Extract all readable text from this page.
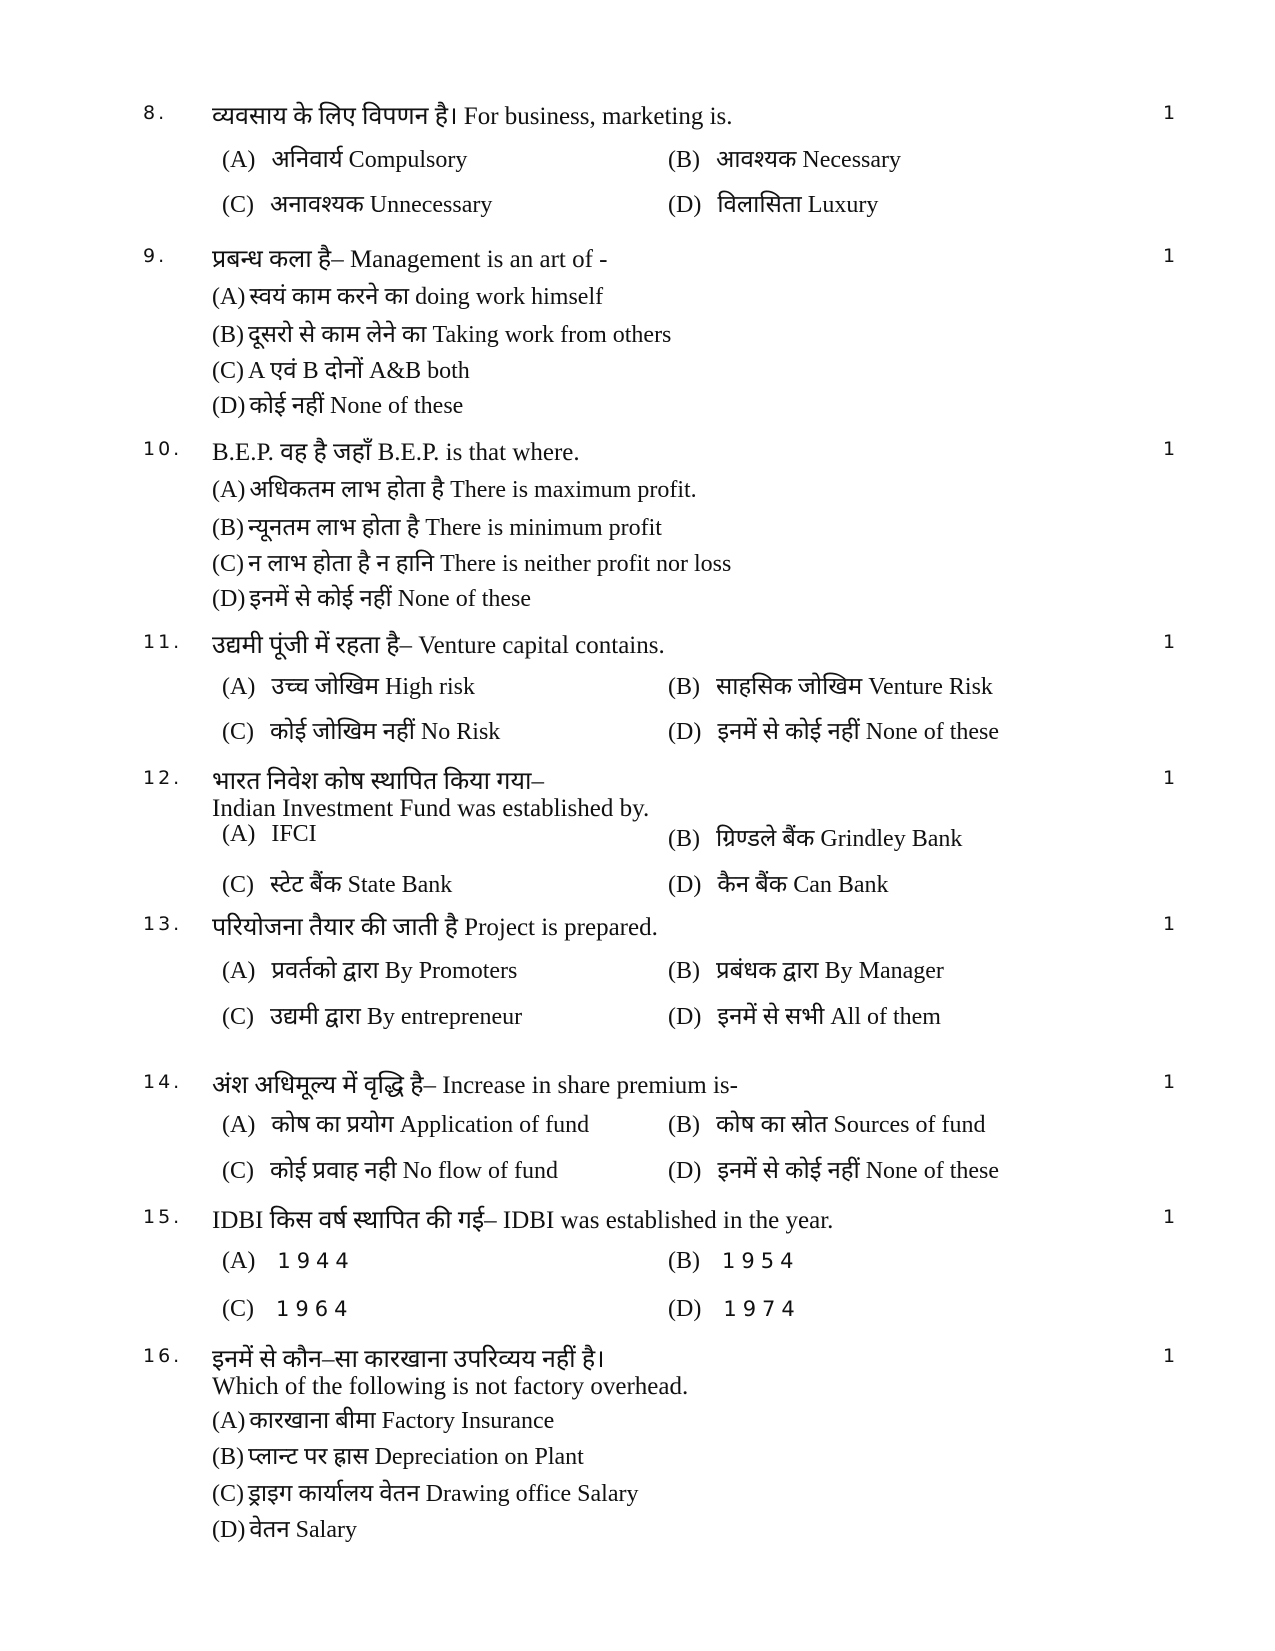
8. व्यवसाय के लिए विपणन है। For business, marketing is.	1
(A) अनिवार्य Compulsory	(B) आवश्यक Necessary
(C) अनावश्यक Unnecessary	(D) विलासिता Luxury
9. प्रबन्ध कला है– Management is an art of -	1
(A) स्वयं काम करने का doing work himself
(B) दूसरो से काम लेने का Taking work from others
(C) A एवं B दोनों A&B both
(D) कोई नहीं None of these
10. B.E.P. वह है जहाँ B.E.P. is that where.	1
(A) अधिकतम लाभ होता है There is maximum profit.
(B) न्यूनतम लाभ होता है There is minimum profit
(C) न लाभ होता है न हानि There is neither profit nor loss
(D) इनमें से कोई नहीं None of these
11. उद्यमी पूंजी में रहता है– Venture capital contains.	1
(A) उच्च जोखिम High risk	(B) साहसिक जोखिम Venture Risk
(C) कोई जोखिम नहीं No Risk	(D) इनमें से कोई नहीं None of these
12. भारत निवेश कोष स्थापित किया गया–
Indian Investment Fund was established by.
1
(A) IFCI	(B) ग्रिण्डले बैंक Grindley Bank
(C) स्टेट बैंक State Bank	(D) कैन बैंक Can Bank
13. परियोजना तैयार की जाती है Project is prepared.	1
(A) प्रवर्तको द्वारा By Promoters	(B) प्रबंधक द्वारा By Manager
(C) उद्यमी द्वारा By entrepreneur	(D) इनमें से सभी All of them
14. अंश अधिमूल्य में वृद्धि है– Increase in share premium is-	1
(A) कोष का प्रयोग Application of fund	(B) कोष का स्रोत Sources of fund
(C) कोई प्रवाह नही No flow of fund	(D) इनमें से कोई नहीं None of these
15. IDBI किस वर्ष स्थापित की गई– IDBI was established in the year.	1
(A) 1944	(B) 1954
(C) 1964	(D) 1974
16. इनमें से कौन–सा कारखाना उपरिव्यय नहीं है।
Which of the following is not factory overhead.
1
(A) कारखाना बीमा Factory Insurance
(B) प्लान्ट पर ह्रास Depreciation on Plant
(C) ड्राइग कार्यालय वेतन Drawing office Salary
(D) वेतन Salary
